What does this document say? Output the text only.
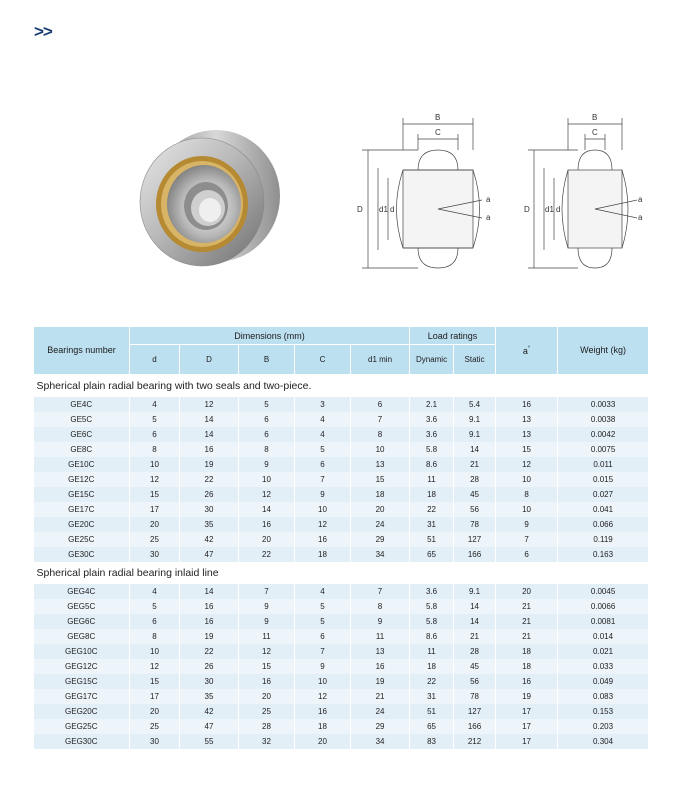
>>
B
C
D d1 d
a
a
B
C
D d1 d
a
a
Bearings number	Dimensions (mm)					Load ratings		a°	Weight (kg)
	d	D	B	C	d1 min	Dynamic	Static		
Spherical plain radial bearing with two seals and two-piece.									
GE4C	4	12	5	3	6	2.1	5.4	16	0.0033
GE5C	5	14	6	4	7	3.6	9.1	13	0.0038
GE6C	6	14	6	4	8	3.6	9.1	13	0.0042
GE8C	8	16	8	5	10	5.8	14	15	0.0075
GE10C	10	19	9	6	13	8.6	21	12	0.011
GE12C	12	22	10	7	15	11	28	10	0.015
GE15C	15	26	12	9	18	18	45	8	0.027
GE17C	17	30	14	10	20	22	56	10	0.041
GE20C	20	35	16	12	24	31	78	9	0.066
GE25C	25	42	20	16	29	51	127	7	0.119
GE30C	30	47	22	18	34	65	166	6	0.163
Spherical plain radial bearing inlaid line									
GEG4C	4	14	7	4	7	3.6	9.1	20	0.0045
GEG5C	5	16	9	5	8	5.8	14	21	0.0066
GEG6C	6	16	9	5	9	5.8	14	21	0.0081
GEG8C	8	19	11	6	11	8.6	21	21	0.014
GEG10C	10	22	12	7	13	11	28	18	0.021
GEG12C	12	26	15	9	16	18	45	18	0.033
GEG15C	15	30	16	10	19	22	56	16	0.049
GEG17C	17	35	20	12	21	31	78	19	0.083
GEG20C	20	42	25	16	24	51	127	17	0.153
GEG25C	25	47	28	18	29	65	166	17	0.203
GEG30C	30	55	32	20	34	83	212	17	0.304
